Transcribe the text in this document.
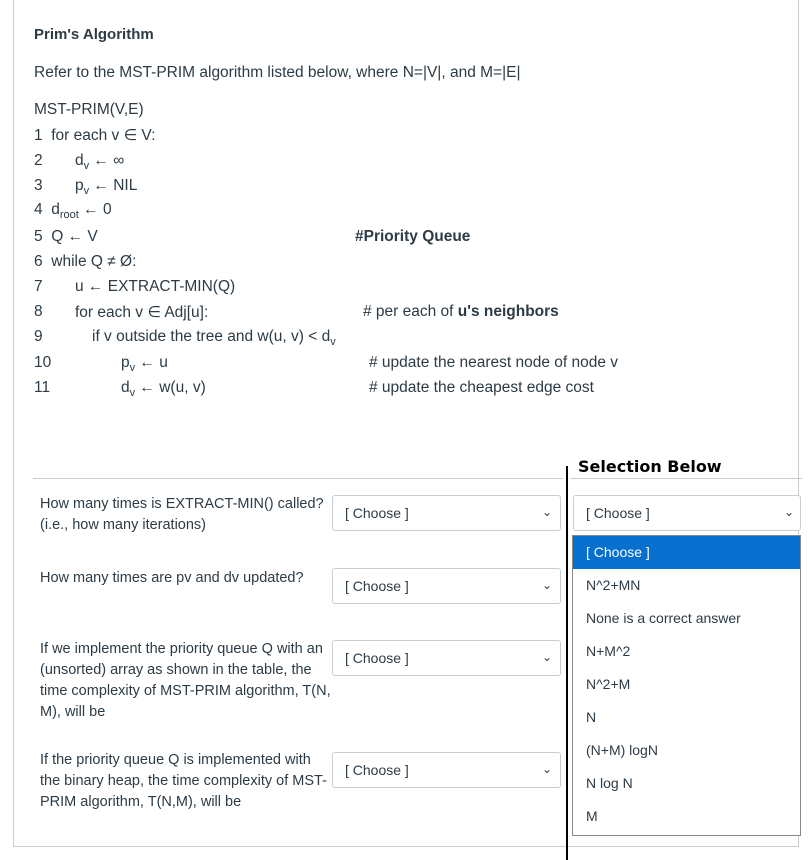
Prim's Algorithm
Refer to the MST-PRIM algorithm listed below, where N=|V|, and M=|E|
MST-PRIM(V,E)
1 for each v ∈ V:
2 $d_v$ ← ∞
3 $p_v$ ← NIL
4 $d_{root}$ ← 0
5 Q ← V	#Priority Queue
6 while Q ≠ Ø:
7 u ← EXTRACT-MIN(Q)
8 for each v ∈ Adj[u]:	# per each of u's neighbors
9	if v outside the tree and w(u, $v) < d_v$
10	$p_v$ ← u	# update the nearest node of node v
11	$d_v$ ← w(u, v)	# update the cheapest edge cost
How many times is EXTRACT-MIN() called? (i.e., how many iterations)
[ Choose ]	⌄
How many times are pv and dv updated?	[ Choose ]	⌄
If we implement the priority queue Q with an (unsorted) array as shown in the table, the time complexity of MST-PRIM algorithm, T(N, M), will be
[ Choose ]	⌄
If the priority queue Q is implemented with the binary heap, the time complexity of MST-PRIM algorithm, T(N,M), will be
[ Choose ]	⌄
Selection Below
[ Choose ]	⌄
[ Choose ]
N^2+MN
None is a correct answer
N+M^2
N^2+M
N
(N+M) logN
N log N
M
